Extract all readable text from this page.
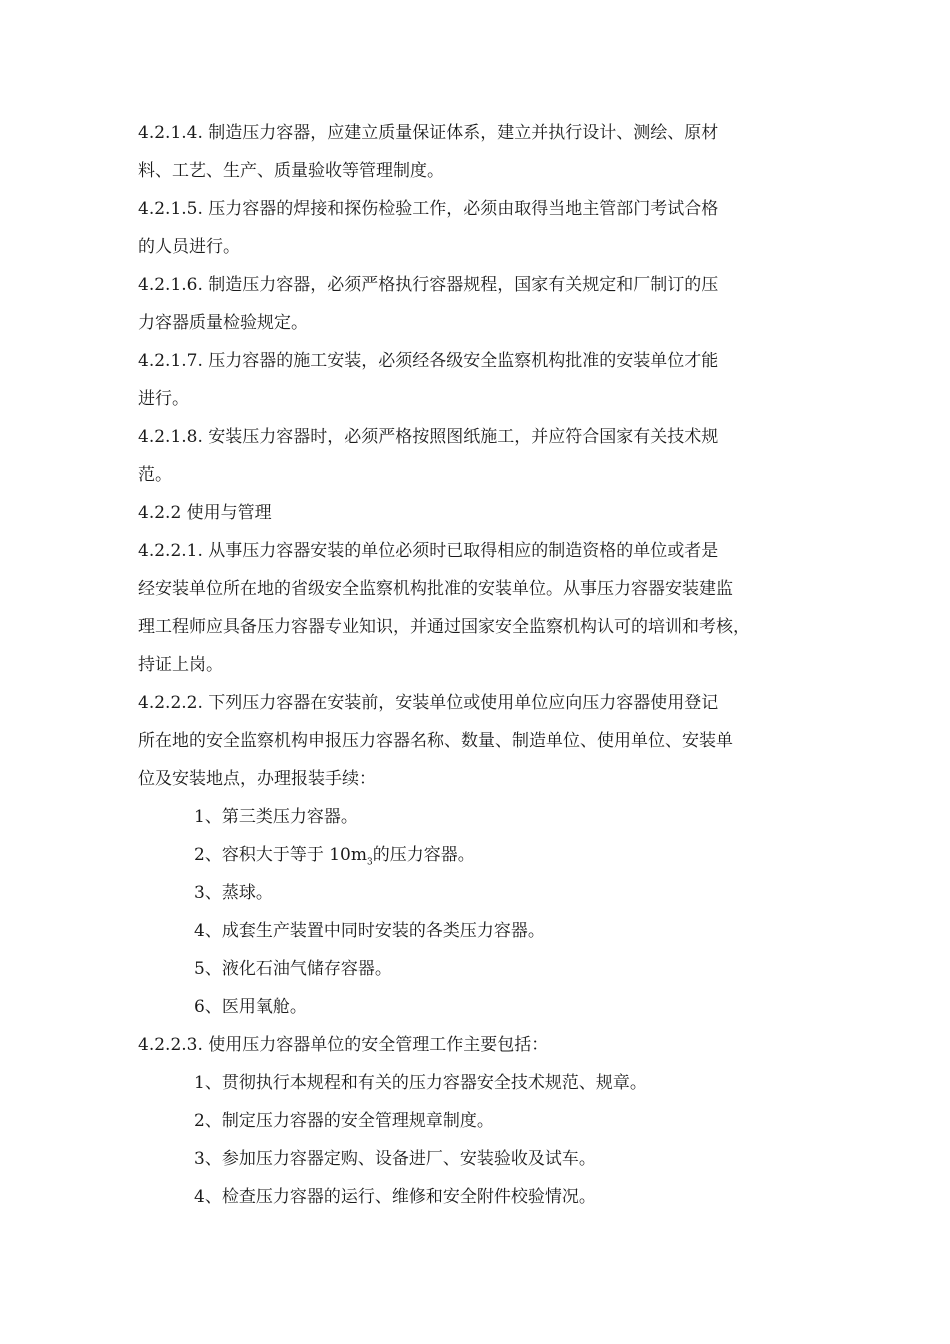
4.2.1.4. 制造压力容器，应建立质量保证体系，建立并执行设计、测绘、原材
料、工艺、生产、质量验收等管理制度。
4.2.1.5. 压力容器的焊接和探伤检验工作，必须由取得当地主管部门考试合格
的人员进行。
4.2.1.6. 制造压力容器，必须严格执行容器规程，国家有关规定和厂制订的压
力容器质量检验规定。
4.2.1.7. 压力容器的施工安装，必须经各级安全监察机构批准的安装单位才能
进行。
4.2.1.8. 安装压力容器时，必须严格按照图纸施工，并应符合国家有关技术规
范。
4.2.2 使用与管理
4.2.2.1. 从事压力容器安装的单位必须时已取得相应的制造资格的单位或者是
经安装单位所在地的省级安全监察机构批准的安装单位。从事压力容器安装建监
理工程师应具备压力容器专业知识，并通过国家安全监察机构认可的培训和考核，
持证上岗。
4.2.2.2. 下列压力容器在安装前，安装单位或使用单位应向压力容器使用登记
所在地的安全监察机构申报压力容器名称、数量、制造单位、使用单位、安装单
位及安装地点，办理报装手续：
1、第三类压力容器。
2、容积大于等于 $10m_3$的压力容器。
3、蒸球。
4、成套生产装置中同时安装的各类压力容器。
5、液化石油气储存容器。
6、医用氧舱。
4.2.2.3. 使用压力容器单位的安全管理工作主要包括：
1、贯彻执行本规程和有关的压力容器安全技术规范、规章。
2、制定压力容器的安全管理规章制度。
3、参加压力容器定购、设备进厂、安装验收及试车。
4、检查压力容器的运行、维修和安全附件校验情况。
